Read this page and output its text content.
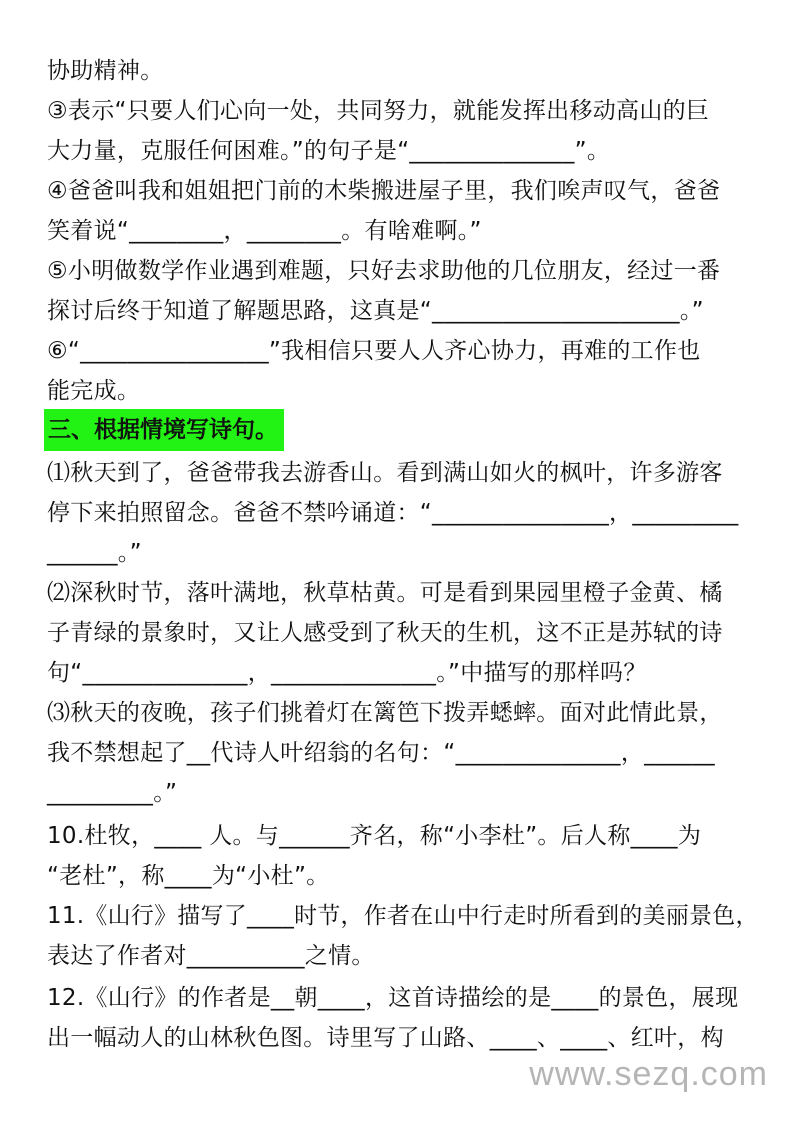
协助精神。
③表示“只要人们心向一处，共同努力，就能发挥出移动高山的巨
大力量，克服任何困难。”的句子是“______________”。
④爸爸叫我和姐姐把门前的木柴搬进屋子里，我们唉声叹气，爸爸
笑着说“________，________。有啥难啊。”
⑤小明做数学作业遇到难题，只好去求助他的几位朋友，经过一番
探讨后终于知道了解题思路，这真是“_____________________。”
⑥“________________”我相信只要人人齐心协力，再难的工作也
能完成。
三、根据情境写诗句。
⑴秋天到了，爸爸带我去游香山。看到满山如火的枫叶，许多游客
停下来拍照留念。爸爸不禁吟诵道：“_______________，_________
______。”
⑵深秋时节，落叶满地，秋草枯黄。可是看到果园里橙子金黄、橘
子青绿的景象时，又让人感受到了秋天的生机，这不正是苏轼的诗
句“______________，______________。”中描写的那样吗？
⑶秋天的夜晚，孩子们挑着灯在篱笆下拨弄蟋蟀。面对此情此景，
我不禁想起了__代诗人叶绍翁的名句：“______________，______
_________。”
10.杜牧，____ 人。与______齐名，称“小李杜”。后人称____为
“老杜”，称____为“小杜”。
11.《山行》描写了____时节，作者在山中行走时所看到的美丽景色，
表达了作者对__________之情。
12.《山行》的作者是__朝____，这首诗描绘的是____的景色，展现
出一幅动人的山林秋色图。诗里写了山路、____、____、红叶，构
www.sezq.com
